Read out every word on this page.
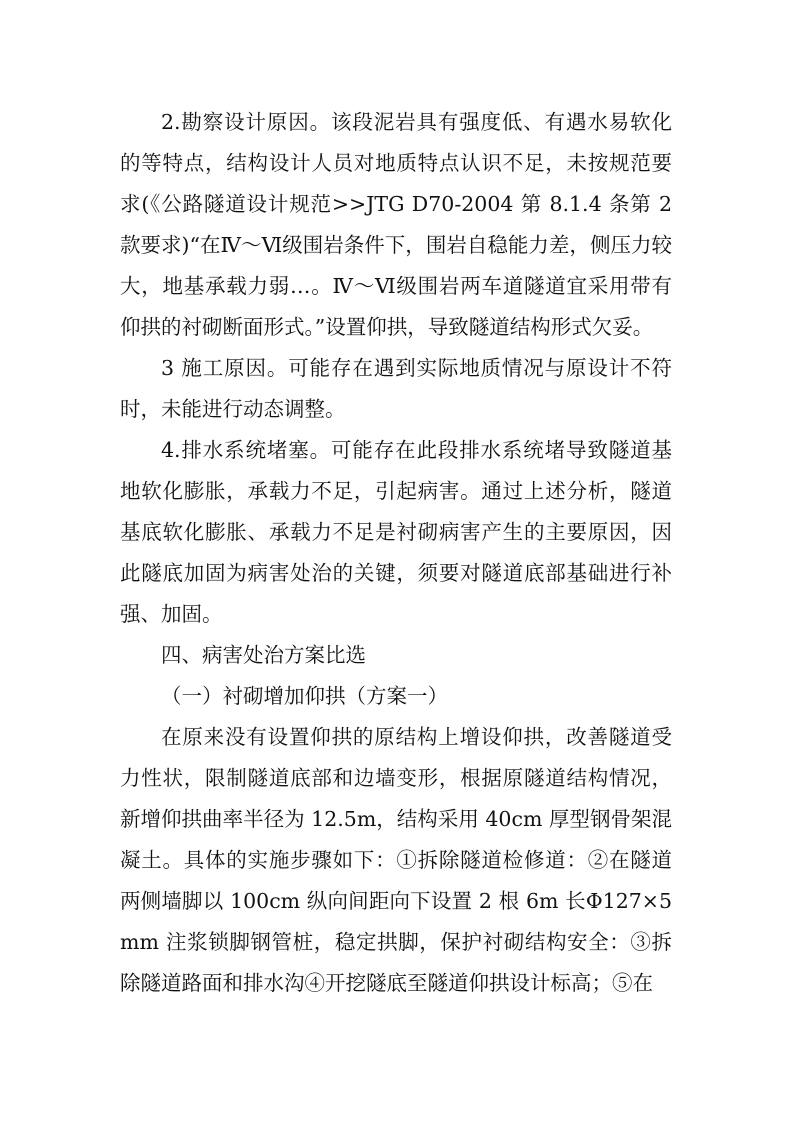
2.勘察设计原因。该段泥岩具有强度低、有遇水易软化的等特点，结构设计人员对地质特点认识不足，未按规范要求(《公路隧道设计规范>>JTG D70-2004 第 8.1.4 条第 2 款要求)“在Ⅳ～Ⅵ级围岩条件下，围岩自稳能力差，侧压力较大，地基承载力弱…。Ⅳ～Ⅵ级围岩两车道隧道宜采用带有仰拱的衬砌断面形式。”设置仰拱，导致隧道结构形式欠妥。

3 施工原因。可能存在遇到实际地质情况与原设计不符时，未能进行动态调整。

4.排水系统堵塞。可能存在此段排水系统堵导致隧道基地软化膨胀，承载力不足，引起病害。通过上述分析，隧道基底软化膨胀、承载力不足是衬砌病害产生的主要原因，因此隧底加固为病害处治的关键，须要对隧道底部基础进行补强、加固。

四、病害处治方案比选

（一）衬砌增加仰拱（方案一）

在原来没有设置仰拱的原结构上增设仰拱，改善隧道受力性状，限制隧道底部和边墙变形，根据原隧道结构情况，新增仰拱曲率半径为 12.5m，结构采用 40cm 厚型钢骨架混凝土。具体的实施步骤如下：①拆除隧道检修道：②在隧道两侧墙脚以 100cm 纵向间距向下设置 2 根 6m 长Φ127×5mm 注浆锁脚钢管桩，稳定拱脚，保护衬砌结构安全：③拆除隧道路面和排水沟④开挖隧底至隧道仰拱设计标高；⑤在
